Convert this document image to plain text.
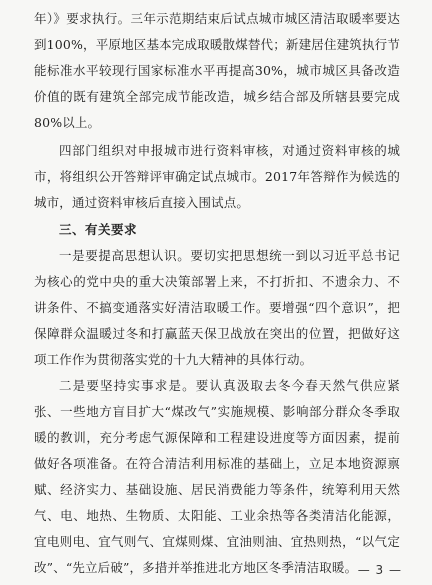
年）》要求执行。三年示范期结束后试点城市城区清洁取暖率要达到100%，平原地区基本完成取暖散煤替代；新建居住建筑执行节能标准水平较现行国家标准水平再提高30%，城市城区具备改造价值的既有建筑全部完成节能改造，城乡结合部及所辖县要完成80%以上。

四部门组织对申报城市进行资料审核，对通过资料审核的城市，将组织公开答辩评审确定试点城市。2017年答辩作为候选的城市，通过资料审核后直接入围试点。

三、有关要求

一是要提高思想认识。要切实把思想统一到以习近平总书记为核心的党中央的重大决策部署上来，不打折扣、不遗余力、不讲条件、不搞变通落实好清洁取暖工作。要增强“四个意识”，把保障群众温暖过冬和打赢蓝天保卫战放在突出的位置，把做好这项工作作为贯彻落实党的十九大精神的具体行动。

二是要坚持实事求是。要认真汲取去冬今春天然气供应紧张、一些地方盲目扩大“煤改气”实施规模、影响部分群众冬季取暖的教训，充分考虑气源保障和工程建设进度等方面因素，提前做好各项准备。在符合清洁利用标准的基础上，立足本地资源禀赋、经济实力、基础设施、居民消费能力等条件，统筹利用天然气、电、地热、生物质、太阳能、工业余热等各类清洁化能源，宜电则电、宜气则气、宜煤则煤、宜油则油、宜热则热，“以气定改”、“先立后破”，多措并举推进北方地区冬季清洁取暖。 — 3 —
